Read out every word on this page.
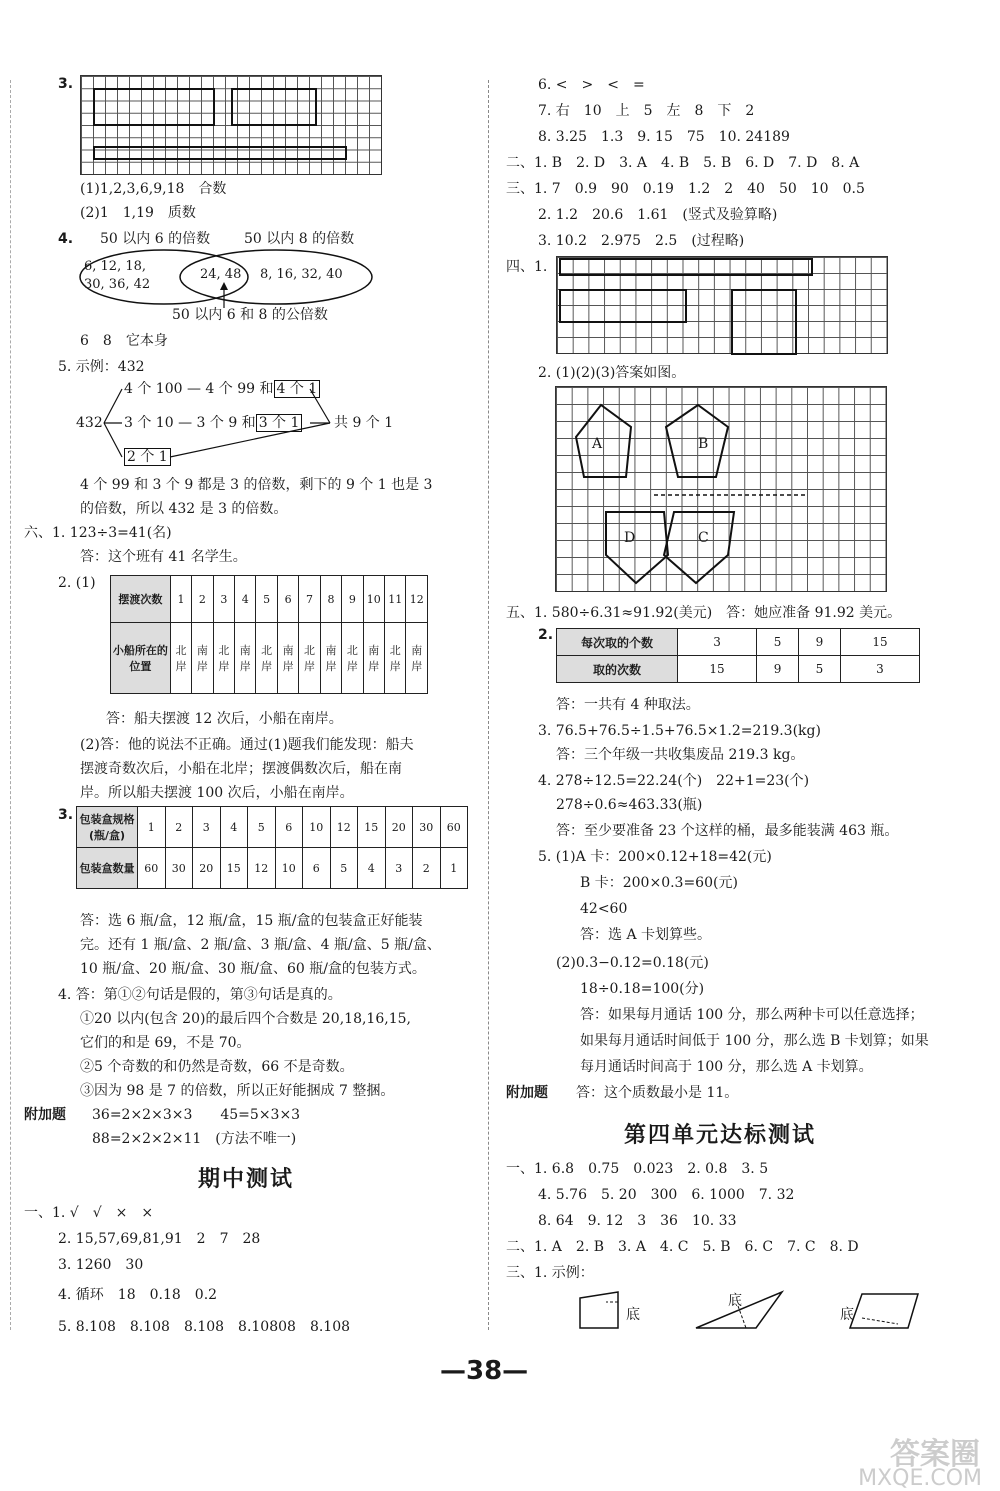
3.
(1)1,2,3,6,9,18　合数
(2)1　1,19　质数
4. 50 以内 6 的倍数 50 以内 8 的倍数
6, 12, 18,
30, 36, 42
24, 48 8, 16, 32, 40
50 以内 6 和 8 的公倍数
6　8　它本身
5. 示例：432
432
4 个 100 — 4 个 99 和 4 个 1
3 个 10 — 3 个 9 和 3 个 1 共 9 个 1
2 个 1
4 个 99 和 3 个 9 都是 3 的倍数，剩下的 9 个 1 也是 3
的倍数，所以 432 是 3 的倍数。
六、1. 123÷3=41(名)
答：这个班有 41 名学生。
2. (1)
摆渡次数	1	2	3	4	5	6	7	8	9	10	11	12
小船所在的位置	北岸	南岸	北岸	南岸	北岸	南岸	北岸	南岸	北岸	南岸	北岸	南岸
答：船夫摆渡 12 次后，小船在南岸。
(2)答：他的说法不正确。通过(1)题我们能发现：船夫
摆渡奇数次后，小船在北岸；摆渡偶数次后，船在南
岸。所以船夫摆渡 100 次后，小船在南岸。
3. 包装盒规格(瓶/盒)	1	2	3	4	5	6	10	12	15	20	30	60
包装盒数量	60	30	20	15	12	10	6	5	4	3	2	1
答：选 6 瓶/盒，12 瓶/盒，15 瓶/盒的包装盒正好能装
完。还有 1 瓶/盒、2 瓶/盒、3 瓶/盒、4 瓶/盒、5 瓶/盒、
10 瓶/盒、20 瓶/盒、30 瓶/盒、60 瓶/盒的包装方式。
4. 答：第①②句话是假的，第③句话是真的。
①20 以内(包含 20)的最后四个合数是 20,18,16,15,
它们的和是 69，不是 70。
②5 个奇数的和仍然是奇数，66 不是奇数。
③因为 98 是 7 的倍数，所以正好能捆成 7 整捆。
附加题 36=2×2×3×3　　45=5×3×3
88=2×2×2×11　(方法不唯一)
期中测试
一、1. √　√　×　×
2. 15,57,69,81,91　2　7　28
3. 1260　30
4. 循环　18　0.18　0.2
5. 8.108　8.108　8.108　8.10808　8.108
6. <　>　<　=
7. 右　10　上　5　左　8　下　2
8. 3.25　1.3　9. 15　75　10. 24189
二、1. B　2. D　3. A　4. B　5. B　6. D　7. D　8. A
三、1. 7　0.9　90　0.19　1.2　2　40　50　10　0.5
2. 1.2　20.6　1.61　(竖式及验算略)
3. 10.2　2.975　2.5　(过程略)
四、1.
2. (1)(2)(3)答案如图。
A	B
D	C
五、1. 580÷6.31≈91.92(美元)　答：她应准备 91.92 美元。
2. 每次取的个数	3	5	9	15
取的次数	15	9	5	3
答：一共有 4 种取法。
3. 76.5+76.5÷1.5+76.5×1.2=219.3(kg)
答：三个年级一共收集废品 219.3 kg。
4. 278÷12.5=22.24(个)　22+1=23(个)
278÷0.6≈463.33(瓶)
答：至少要准备 23 个这样的桶，最多能装满 463 瓶。
5. (1)A 卡：200×0.12+18=42(元)
B 卡：200×0.3=60(元)
42<60
答：选 A 卡划算些。
(2)0.3−0.12=0.18(元)
18÷0.18=100(分)
答：如果每月通话 100 分，那么两种卡可以任意选择；
如果每月通话时间低于 100 分，那么选 B 卡划算；如果
每月通话时间高于 100 分，那么选 A 卡划算。
附加题 答：这个质数最小是 11。
第四单元达标测试
一、1. 6.8　0.75　0.023　2. 0.8　3. 5
4. 5.76　5. 20　300　6. 1000　7. 32
8. 64　9. 12　3　36　10. 33
二、1. A　2. B　3. A　4. C　5. B　6. C　7. C　8. D
三、1. 示例：
底
底
底
—38—
答案圈
MXQE.COM
